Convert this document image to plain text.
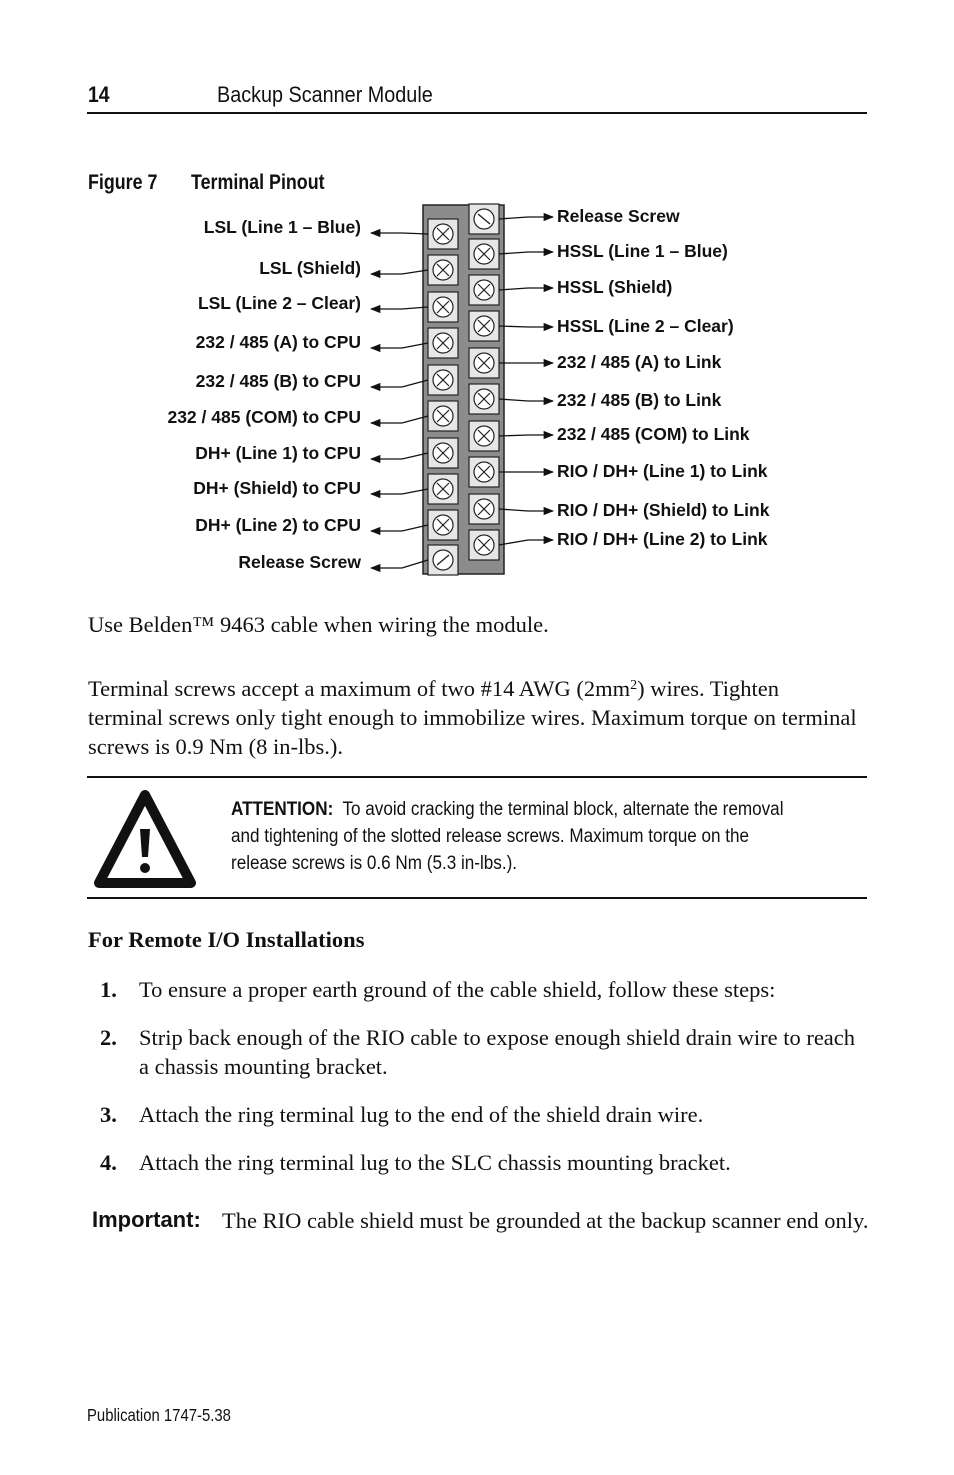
14	Backup Scanner Module
Figure 7 Terminal Pinout
LSL (Line 1 – Blue)
LSL (Shield)
LSL (Line 2 – Clear)
232 / 485 (A) to CPU
232 / 485 (B) to CPU
232 / 485 (COM) to CPU
DH+ (Line 1) to CPU
DH+ (Shield) to CPU
DH+ (Line 2) to CPU
Release Screw
Release Screw
HSSL (Line 1 – Blue)
HSSL (Shield)
HSSL (Line 2 – Clear)
232 / 485 (A) to Link
232 / 485 (B) to Link
232 / 485 (COM) to Link
RIO / DH+ (Line 1) to Link
RIO / DH+ (Shield) to Link
RIO / DH+ (Line 2) to Link
Use Belden™ 9463 cable when wiring the module.
Terminal screws accept a maximum of two #14 AWG $(2mm^2)$ wires. Tighten terminal screws only tight enough to immobilize wires. Maximum torque on terminal screws is 0.9 Nm (8 in-lbs.).
ATTENTION: To avoid cracking the terminal block, alternate the removal and tightening of the slotted release screws. Maximum torque on the release screws is 0.6 Nm (5.3 in-lbs.).
For Remote I/O Installations
1. To ensure a proper earth ground of the cable shield, follow these steps:
2. Strip back enough of the RIO cable to expose enough shield drain wire to reach a chassis mounting bracket.
3. Attach the ring terminal lug to the end of the shield drain wire.
4. Attach the ring terminal lug to the SLC chassis mounting bracket.
Important: The RIO cable shield must be grounded at the backup scanner end only.
Publication 1747-5.38
